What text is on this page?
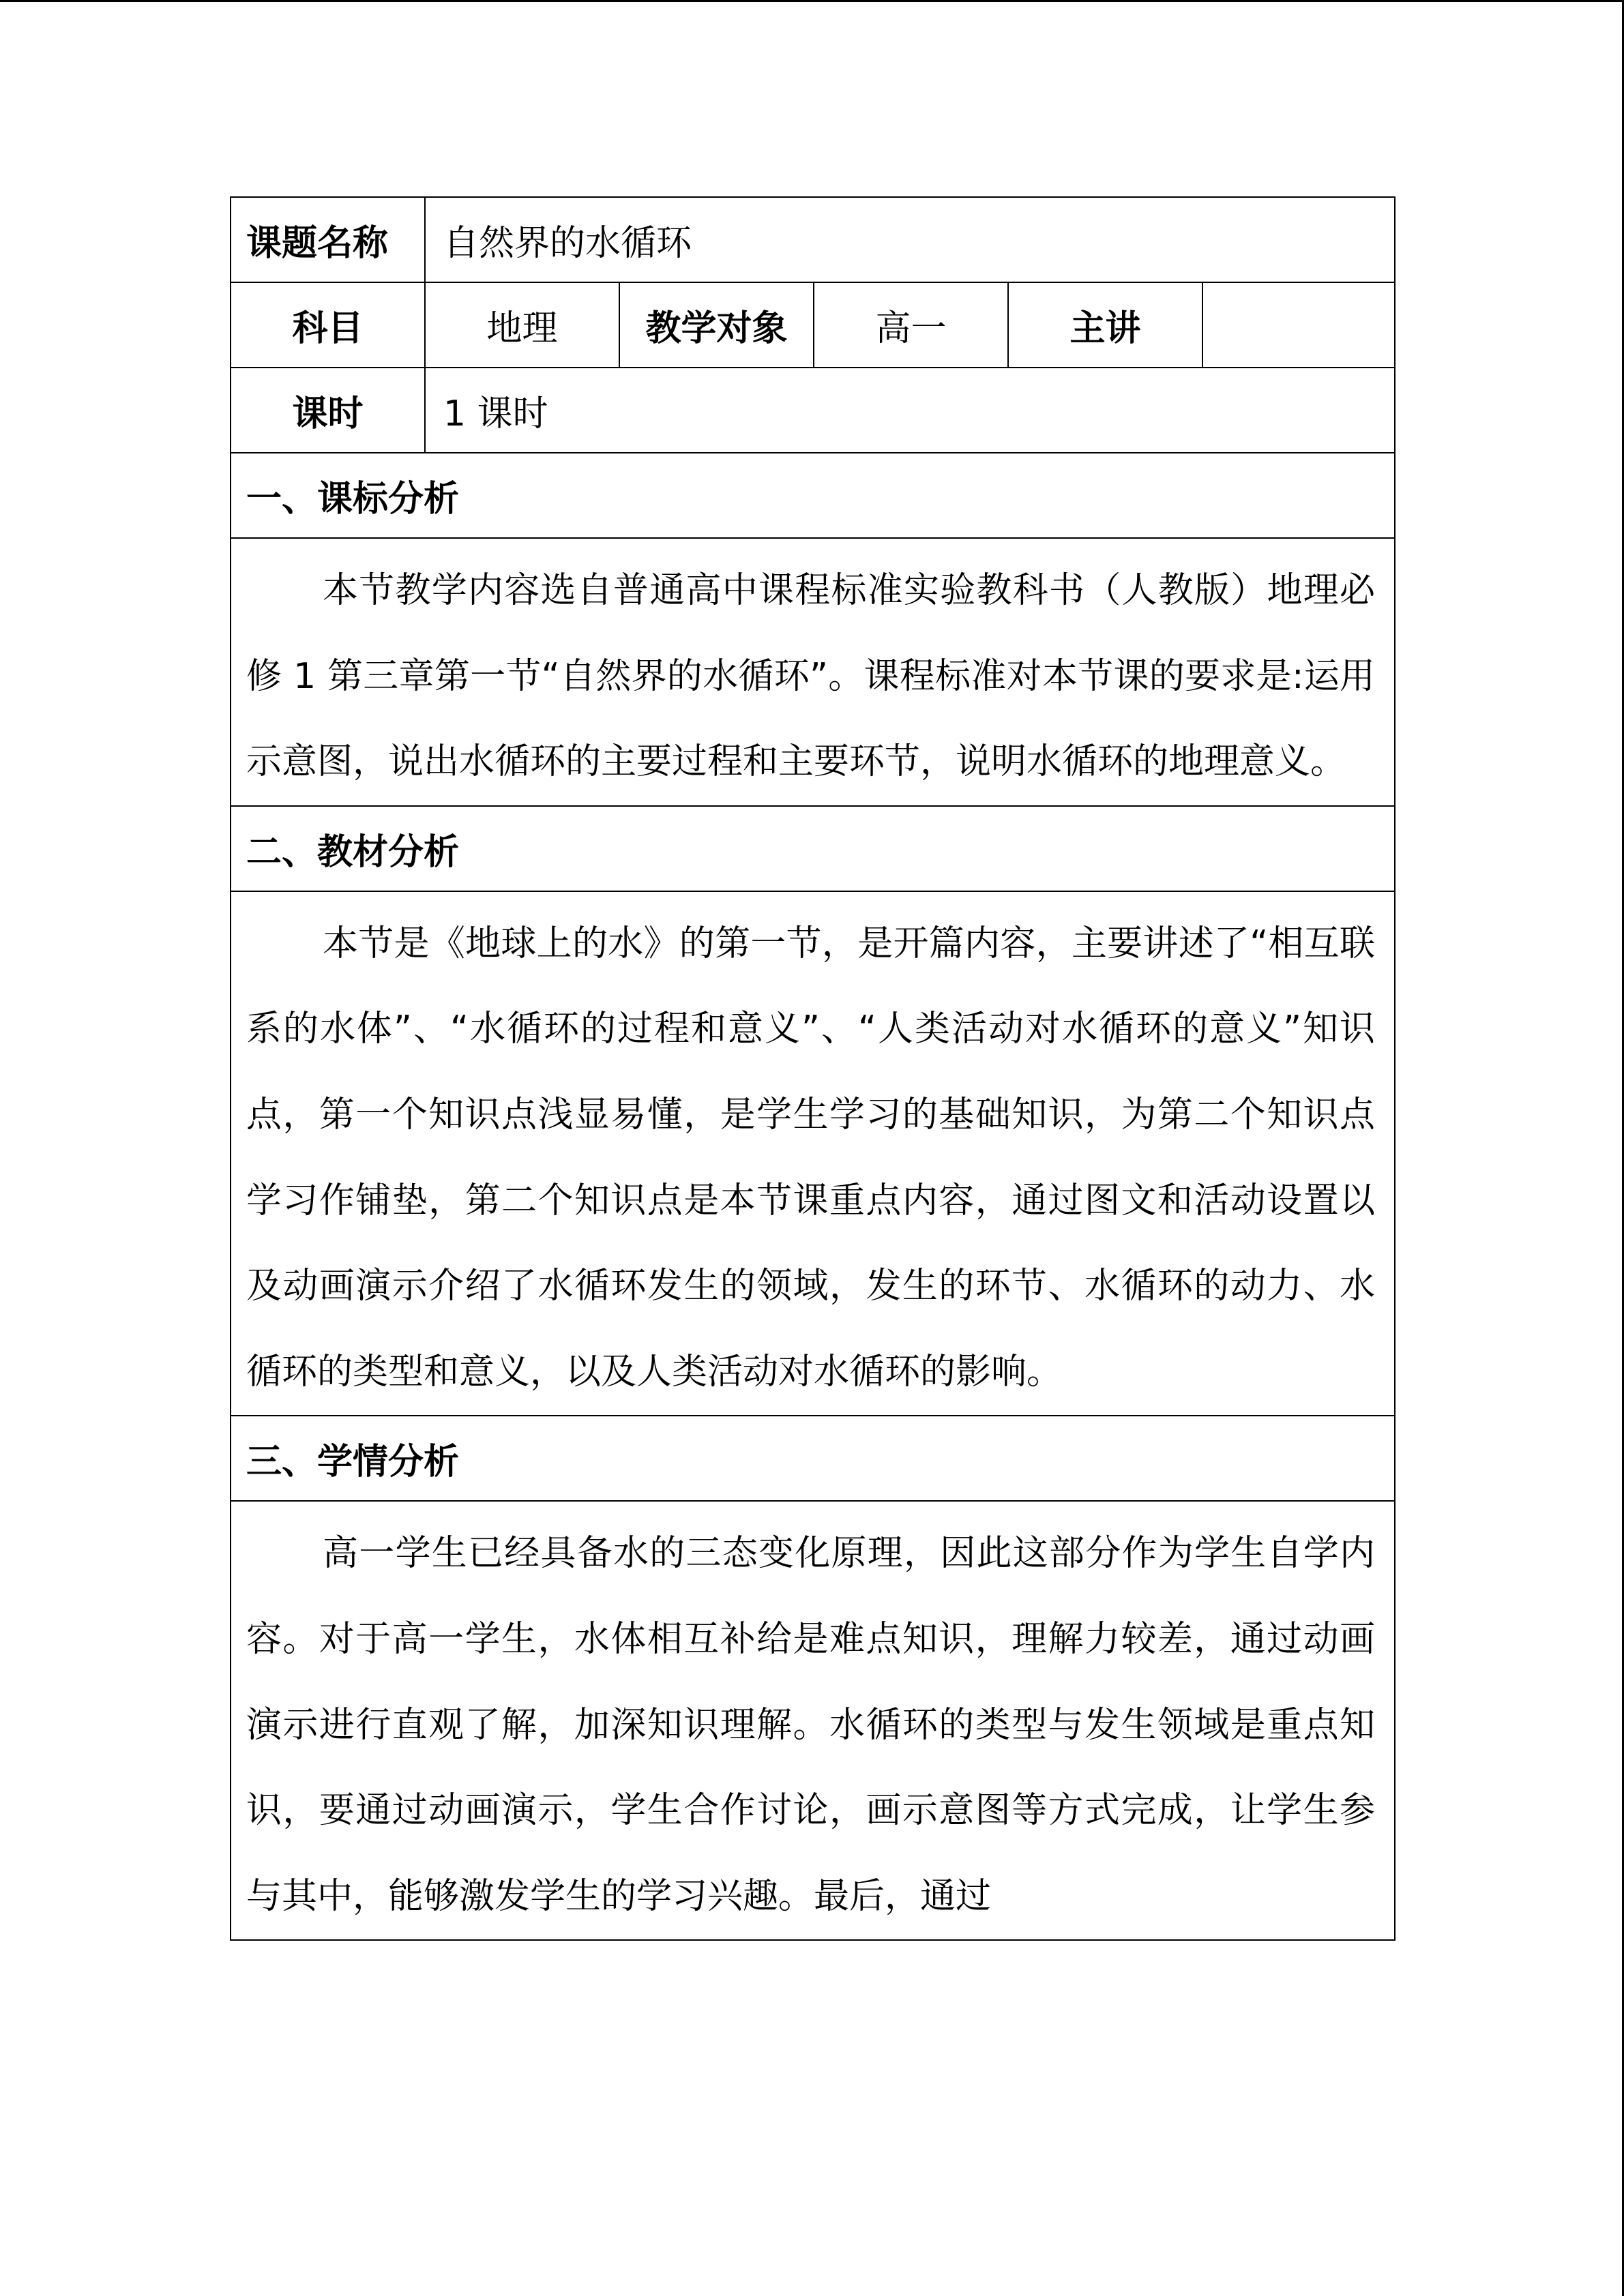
课题名称	自然界的水循环				
科目	地理	教学对象	高一	主讲	
课时	1 课时				
一、课标分析					

本节教学内容选自普通高中课程标准实验教科书（人教版）地理必修 1 第三章第一节“自然界的水循环”。课程标准对本节课的要求是:运用示意图，说出水循环的主要过程和主要环节，说明水循环的地理意义。					

二、教材分析					

本节是《地球上的水》的第一节，是开篇内容，主要讲述了“相互联系的水体”、“水循环的过程和意义”、“人类活动对水循环的意义”知识点，第一个知识点浅显易懂，是学生学习的基础知识，为第二个知识点学习作铺垫，第二个知识点是本节课重点内容，通过图文和活动设置以及动画演示介绍了水循环发生的领域，发生的环节、水循环的动力、水循环的类型和意义，以及人类活动对水循环的影响。					

三、学情分析					

高一学生已经具备水的三态变化原理，因此这部分作为学生自学内容。对于高一学生，水体相互补给是难点知识，理解力较差，通过动画演示进行直观了解，加深知识理解。水循环的类型与发生领域是重点知识，要通过动画演示，学生合作讨论，画示意图等方式完成，让学生参与其中，能够激发学生的学习兴趣。最后，通过					
